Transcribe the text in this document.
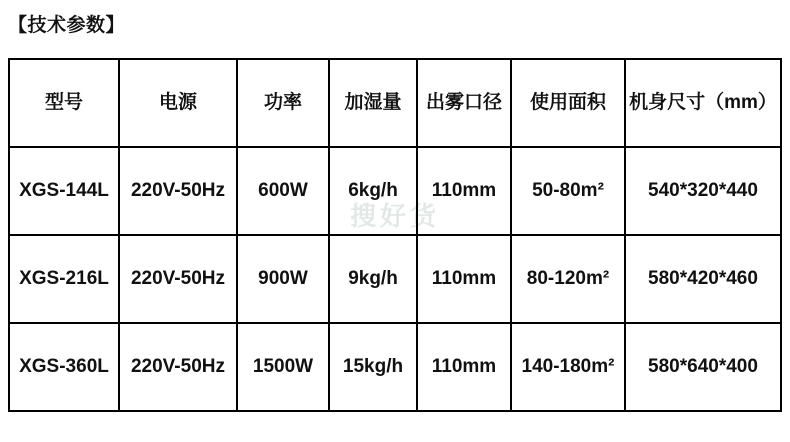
【技术参数】
搜好货
型号	电源	功率	加湿量	出雾口径	使用面积	机身尺寸（mm）
XGS-144L	220V-50Hz	600W	6kg/h	110mm	50-80m²	540*320*440
XGS-216L	220V-50Hz	900W	9kg/h	110mm	80-120m²	580*420*460
XGS-360L	220V-50Hz	1500W	15kg/h	110mm	140-180m²	580*640*400
